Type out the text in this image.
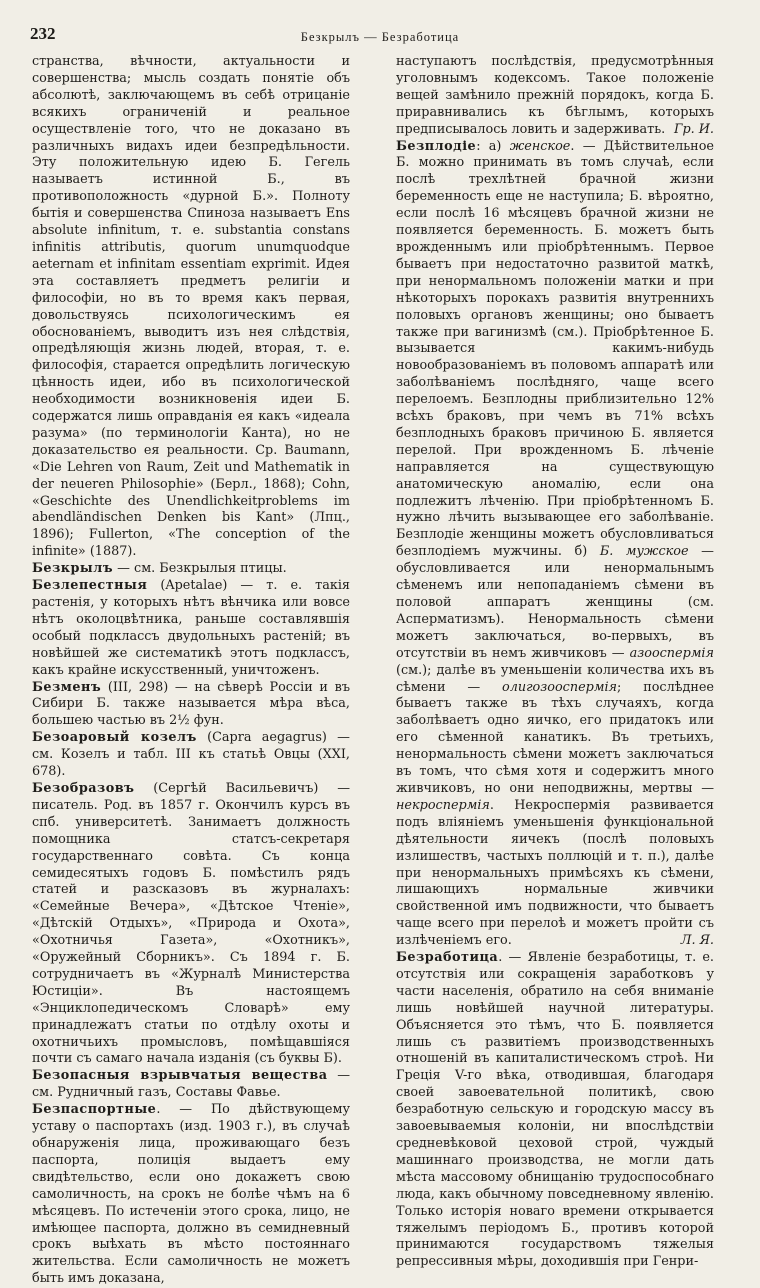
232	Безкрылъ — Безработица

странства, вѣчности, актуальности и совершенства; мысль создать понятіе объ абсолютѣ, заключающемъ въ себѣ отрицаніе всякихъ ограниченій и реальное осуществленіе того, что не доказано въ различныхъ видахъ идеи безпредѣльности. Эту положительную идею Б. Гегель называетъ истинной Б., въ противоположность «дурной Б.». Полноту бытія и совершенства Спиноза называетъ Ens absolute infinitum, т. е. substantia constans infinitis attributis, quorum unumquodque aeternam et infinitam essentiam exprimit. Идея эта составляетъ предметъ религіи и философіи, но въ то время какъ первая, довольствуясь психологическимъ ея обоснованіемъ, выводитъ изъ нея слѣдствія, опредѣляющія жизнь людей, вторая, т. е. философія, старается опредѣлить логическую цѣнность идеи, ибо въ психологической необходимости возникновенія идеи Б. содержатся лишь оправданія ея какъ «идеала разума» (по терминологіи Канта), но не доказательство ея реальности. Ср. Baumann, «Die Lehren von Raum, Zeit und Mathematik in der neueren Philosophie» (Берл., 1868); Cohn, «Geschichte des Unendlichkeitproblems im abendländischen Denken bis Kant» (Лпц., 1896); Fullerton, «The conception of the infinite» (1887).

Безкрылъ — см. Безкрылыя птицы.

Безлепестныя (Apetalae) — т. е. такія растенія, у которыхъ нѣтъ вѣнчика или вовсе нѣтъ околоцвѣтника, раньше составлявшія особый подклассъ двудольныхъ растеній; въ новѣйшей же систематикѣ этотъ подклассъ, какъ крайне искусственный, уничтоженъ.

Безменъ (III, 298) — на сѣверѣ Россіи и въ Сибири Б. также называется мѣра вѣса, большею частью въ 2½ фун.

Безоаровый козелъ (Capra aegagrus) — см. Козелъ и табл. III къ статьѣ Овцы (XXI, 678).

Безобразовъ (Сергѣй Васильевичъ) — писатель. Род. въ 1857 г. Окончилъ курсъ въ спб. университетѣ. Занимаетъ должность помощника статсъ-секретаря государственнаго совѣта. Съ конца семидесятыхъ годовъ Б. помѣстилъ рядъ статей и разсказовъ въ журналахъ: «Семейные Вечера», «Дѣтское Чтеніе», «Дѣтскій Отдыхъ», «Природа и Охота», «Охотничья Газета», «Охотникъ», «Оружейный Сборникъ». Съ 1894 г. Б. сотрудничаетъ въ «Журналѣ Министерства Юстиціи». Въ настоящемъ «Энциклопедическомъ Словарѣ» ему принадлежатъ статьи по отдѣлу охоты и охотничьихъ промысловъ, помѣщавшіяся почти съ самаго начала изданія (съ буквы Б).

Безопасныя взрывчатыя вещества — см. Рудничный газъ, Составы Фавье.

Безпаспортные. — По дѣйствующему уставу о паспортахъ (изд. 1903 г.), въ случаѣ обнаруженія лица, проживающаго безъ паспорта, полиція выдаетъ ему свидѣтельство, если оно докажетъ свою самоличность, на срокъ не болѣе чѣмъ на 6 мѣсяцевъ. По истеченіи этого срока, лицо, не имѣющее паспорта, должно въ семидневный срокъ выѣхать въ мѣсто постояннаго жительства. Если самоличность не можетъ быть имъ доказана,

наступаютъ послѣдствія, предусмотрѣнныя уголовнымъ кодексомъ. Такое положеніе вещей замѣнило прежній порядокъ, когда Б. приравнивались къ бѣглымъ, которыхъ предписывалось ловить и задерживать. Гр. И.

Безплодіе: а) женское. — Дѣйствительное Б. можно принимать въ томъ случаѣ, если послѣ трехлѣтней брачной жизни беременность еще не наступила; Б. вѣроятно, если послѣ 16 мѣсяцевъ брачной жизни не появляется беременность. Б. можетъ быть врожденнымъ или пріобрѣтеннымъ. Первое бываетъ при недостаточно развитой маткѣ, при ненормальномъ положеніи матки и при нѣкоторыхъ порокахъ развитія внутреннихъ половыхъ органовъ женщины; оно бываетъ также при вагинизмѣ (см.). Пріобрѣтенное Б. вызывается какимъ-нибудь новообразованіемъ въ половомъ аппаратѣ или заболѣваніемъ послѣдняго, чаще всего перелоемъ. Безплодны приблизительно 12% всѣхъ браковъ, при чемъ въ 71% всѣхъ безплодныхъ браковъ причиною Б. является перелой. При врожденномъ Б. лѣченіе направляется на существующую анатомическую аномалію, если она подлежитъ лѣченію. При пріобрѣтенномъ Б. нужно лѣчить вызывающее его заболѣваніе. Безплодіе женщины можетъ обусловливаться безплодіемъ мужчины. б) Б. мужское — обусловливается или ненормальнымъ сѣменемъ или непопаданіемъ сѣмени въ половой аппаратъ женщины (см. Асперматизмъ). Ненормальность сѣмени можетъ заключаться, во-первыхъ, въ отсутствіи въ немъ живчиковъ — азооспермія (см.); далѣе въ уменьшеніи количества ихъ въ сѣмени — олигозооспермія; послѣднее бываетъ также въ тѣхъ случаяхъ, когда заболѣваетъ одно яичко, его придатокъ или его сѣменной канатикъ. Въ третьихъ, ненормальность сѣмени можетъ заключаться въ томъ, что сѣмя хотя и содержитъ много живчиковъ, но они неподвижны, мертвы — некроспермія. Некроспермія развивается подъ вліяніемъ уменьшенія функціональной дѣятельности яичекъ (послѣ половыхъ излишествъ, частыхъ поллюцій и т. п.), далѣе при ненормальныхъ примѣсяхъ къ сѣмени, лишающихъ нормальные живчики свойственной имъ подвижности, что бываетъ чаще всего при перелоѣ и можетъ пройти съ излѣченіемъ его.	Л. Я.

Безработица. — Явленіе безработицы, т. е. отсутствія или сокращенія заработковъ у части населенія, обратило на себя вниманіе лишь новѣйшей научной литературы. Объясняется это тѣмъ, что Б. появляется лишь съ развитіемъ производственныхъ отношеній въ капиталистическомъ строѣ. Ни Греція V-го вѣка, отводившая, благодаря своей завоевательной политикѣ, свою безработную сельскую и городскую массу въ завоевываемыя колоніи, ни впослѣдствіи средневѣковой цеховой строй, чуждый машиннаго производства, не могли дать мѣста массовому обнищанію трудоспособнаго люда, какъ обычному повседневному явленію. Только исторія новаго времени открывается тяжелымъ періодомъ Б., противъ которой принимаются государствомъ тяжелыя репрессивныя мѣры, доходившія при Генри-
